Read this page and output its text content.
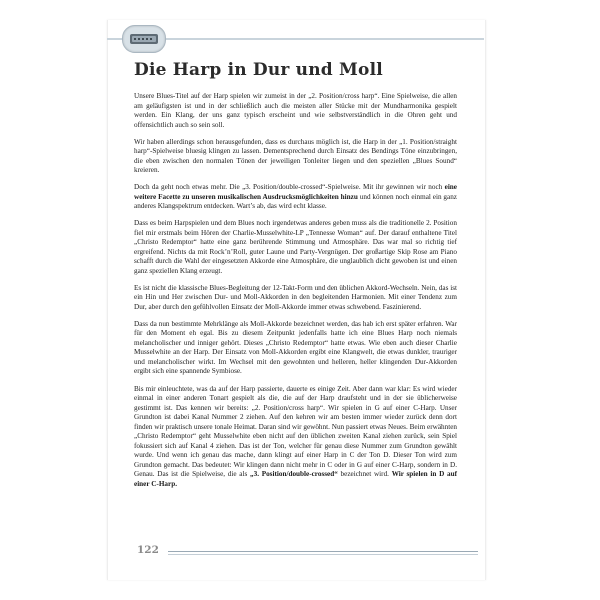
Die Harp in Dur und Moll

Unsere Blues-Titel auf der Harp spielen wir zumeist in der „2. Position/cross harp“. Eine Spielweise, die allen am geläufigsten ist und in der schließlich auch die meisten aller Stücke mit der Mundharmonika gespielt werden. Ein Klang, der uns ganz typisch erscheint und wie selbstverständlich in die Ohren geht und offensichtlich auch so sein soll.

Wir haben allerdings schon herausgefunden, dass es durchaus möglich ist, die Harp in der „1. Position/straight harp“-Spielweise bluesig klingen zu lassen. Dementsprechend durch Einsatz des Bendings Töne einzubringen, die eben zwischen den normalen Tönen der jeweiligen Tonleiter liegen und den speziellen „Blues Sound“ kreieren.

Doch da geht noch etwas mehr. Die „3. Position/double-crossed“-Spielweise. Mit ihr gewinnen wir noch eine weitere Facette zu unseren musikalischen Ausdrucksmöglichkeiten hinzu und können noch einmal ein ganz anderes Klangspektrum entdecken. Wart’s ab, das wird echt klasse.

Dass es beim Harpspielen und dem Blues noch irgendetwas anderes geben muss als die traditionelle 2. Position fiel mir erstmals beim Hören der Charlie-Musselwhite-LP „Tennesse Woman“ auf. Der darauf enthaltene Titel „Christo Redemptor“ hatte eine ganz berührende Stimmung und Atmosphäre. Das war mal so richtig tief ergreifend. Nichts da mit Rock’n’Roll, guter Laune und Party-Vergnügen. Der großartige Skip Rose am Piano schafft durch die Wahl der eingesetzten Akkorde eine Atmosphäre, die unglaublich dicht gewoben ist und einen ganz speziellen Klang erzeugt.

Es ist nicht die klassische Blues-Begleitung der 12-Takt-Form und den üblichen Akkord-Wechseln. Nein, das ist ein Hin und Her zwischen Dur- und Moll-Akkorden in den begleitenden Harmonien. Mit einer Tendenz zum Dur, aber durch den gefühlvollen Einsatz der Moll-Akkorde immer etwas schwebend. Faszinierend.

Dass da nun bestimmte Mehrklänge als Moll-Akkorde bezeichnet werden, das hab ich erst später erfahren. War für den Moment eh egal. Bis zu diesem Zeitpunkt jedenfalls hatte ich eine Blues Harp noch niemals melancholischer und inniger gehört. Dieses „Christo Redemptor“ hatte etwas. Wie eben auch dieser Charlie Musselwhite an der Harp. Der Einsatz von Moll-Akkorden ergibt eine Klangwelt, die etwas dunkler, trauriger und melancholischer wirkt. Im Wechsel mit den gewohnten und helleren, heller klingenden Dur-Akkorden ergibt sich eine spannende Symbiose.

Bis mir einleuchtete, was da auf der Harp passierte, dauerte es einige Zeit. Aber dann war klar: Es wird wieder einmal in einer anderen Tonart gespielt als die, die auf der Harp draufsteht und in der sie üblicherweise gestimmt ist. Das kennen wir bereits: „2. Position/cross harp“. Wir spielen in G auf einer C-Harp. Unser Grundton ist dabei Kanal Nummer 2 ziehen. Auf den kehren wir am besten immer wieder zurück denn dort finden wir praktisch unsere tonale Heimat. Daran sind wir gewöhnt. Nun passiert etwas Neues. Beim erwähnten „Christo Redemptor“ geht Musselwhite eben nicht auf den üblichen zweiten Kanal ziehen zurück, sein Spiel fokussiert sich auf Kanal 4 ziehen. Das ist der Ton, welcher für genau diese Nummer zum Grundton gewählt wurde. Und wenn ich genau das mache, dann klingt auf einer Harp in C der Ton D. Dieser Ton wird zum Grundton gemacht. Das bedeutet: Wir klingen dann nicht mehr in C oder in G auf einer C-Harp, sondern in D. Genau. Das ist die Spielweise, die als „3. Position/double-crossed“ bezeichnet wird. Wir spielen in D auf einer C-Harp.

122
